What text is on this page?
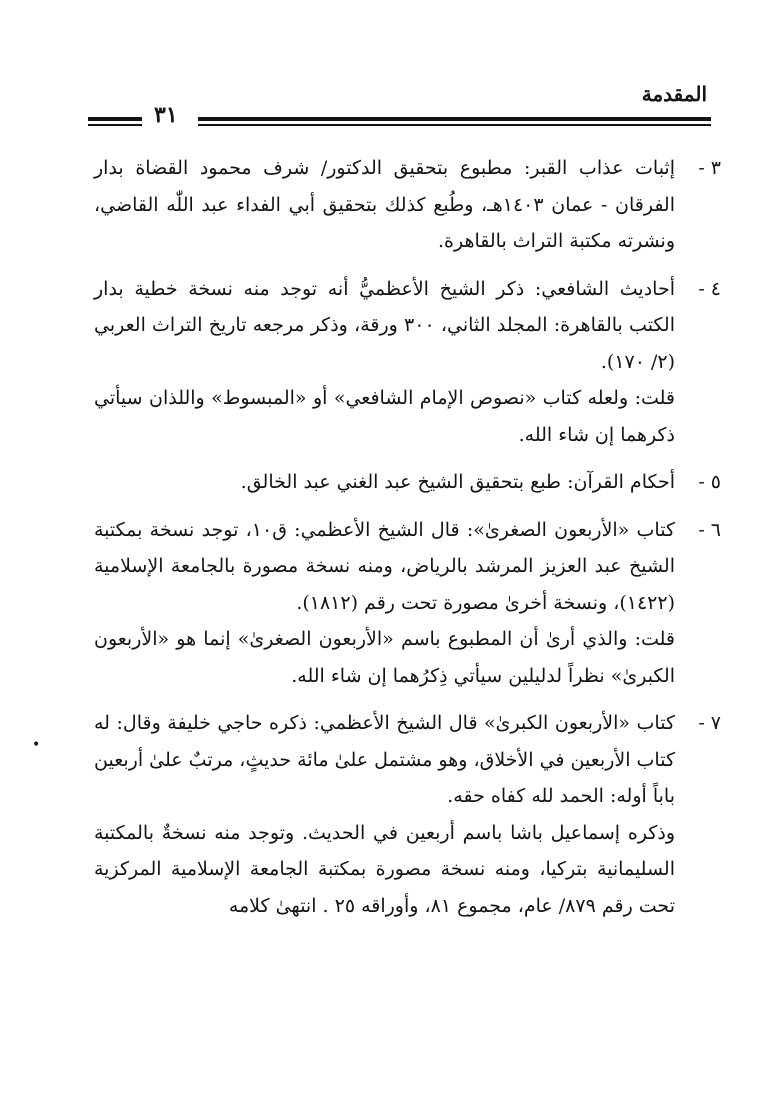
المقدمة
٣١
٣ -

إثبات عذاب القبر: مطبوع بتحقيق الدكتور/ شرف محمود القضاة بدار الفرقان - عمان ١٤٠٣هـ، وطُبع كذلك بتحقيق أبي الفداء عبد اللّٰه القاضي، ونشرته مكتبة التراث بالقاهرة.

٤ -

أحاديث الشافعي: ذكر الشيخ الأعظميُّ أنه توجد منه نسخة خطية بدار الكتب بالقاهرة: المجلد الثاني، ٣٠٠ ورقة، وذكر مرجعه تاريخ التراث العربي (٢/ ١٧٠).

قلت: ولعله كتاب «نصوص الإمام الشافعي» أو «المبسوط» واللذان سيأتي ذكرهما إن شاء الله.

٥ -

أحكام القرآن: طبع بتحقيق الشيخ عبد الغني عبد الخالق.

٦ -

كتاب «الأربعون الصغرىٰ»: قال الشيخ الأعظمي: ق١٠، توجد نسخة بمكتبة الشيخ عبد العزيز المرشد بالرياض، ومنه نسخة مصورة بالجامعة الإسلامية (١٤٢٢)، ونسخة أخرىٰ مصورة تحت رقم (١٨١٢).

قلت: والذي أرىٰ أن المطبوع باسم «الأربعون الصغرىٰ» إنما هو «الأربعون الكبرىٰ» نظراً لدليلين سيأتي ذِكرُهما إن شاء الله.

٧ -

كتاب «الأربعون الكبرىٰ» قال الشيخ الأعظمي: ذكره حاجي خليفة وقال: له كتاب الأربعين في الأخلاق، وهو مشتمل علىٰ مائة حديثٍ، مرتبٌ علىٰ أربعين باباً أوله: الحمد لله كفاه حقه.

وذكره إسماعيل باشا باسم أربعين في الحديث. وتوجد منه نسخةٌ بالمكتبة السليمانية بتركيا، ومنه نسخة مصورة بمكتبة الجامعة الإسلامية المركزية تحت رقم ٨٧٩/ عام، مجموع ٨١، وأوراقه ٢٥ . انتهىٰ كلامه

•
